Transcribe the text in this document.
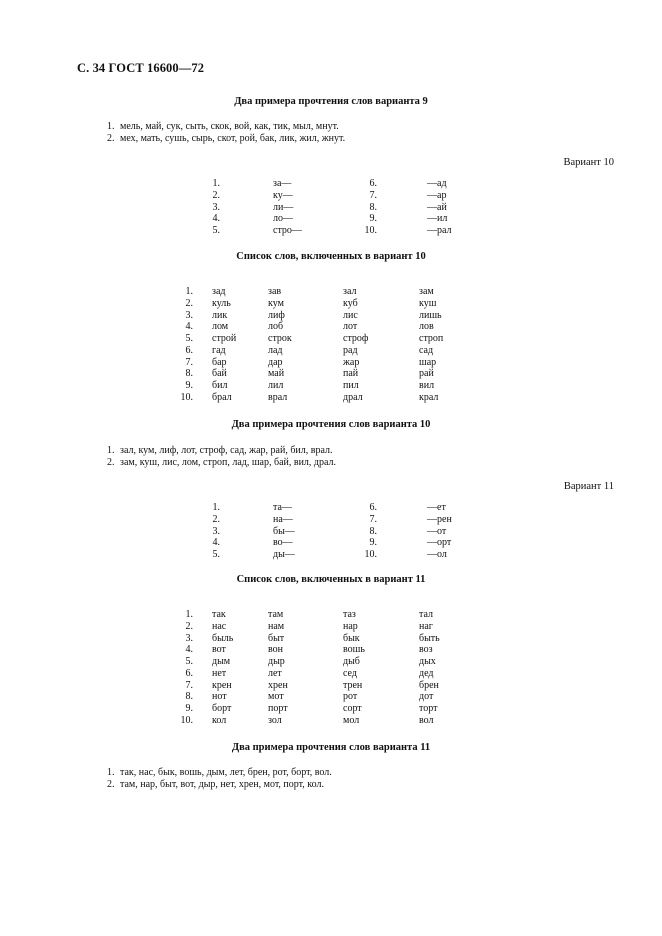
С. 34 ГОСТ 16600—72
Два примера прочтения слов варианта 9
1. мель, май, сук, сыть, скок, вой, как, тик, мыл, мнут.
2. мех, мать, сушь, сырь, скот, рой, бак, лик, жил, жнут.
Вариант 10
1.	за—	6.	—ад
2.	ку—	7.	—ар
3.	ли—	8.	—ай
4.	ло—	9.	—ил
5.	стро—	10.	—рал
Список слов, включенных в вариант 10
1.	зад	зав	зал	зам
2.	куль	кум	куб	куш
3.	лик	лиф	лис	лишь
4.	лом	лоб	лот	лов
5.	строй	строк	строф	строп
6.	гад	лад	рад	сад
7.	бар	дар	жар	шар
8.	бай	май	пай	рай
9.	бил	лил	пил	вил
10.	брал	врал	драл	крал
Два примера прочтения слов варианта 10
1. зал, кум, лиф, лот, строф, сад, жар, рай, бил, врал.
2. зам, куш, лис, лом, строп, лад, шар, бай, вил, драл.
Вариант 11
1.	та—	6.	—ет
2.	на—	7.	—рен
3.	бы—	8.	—от
4.	во—	9.	—орт
5.	ды—	10.	—ол
Список слов, включенных в вариант 11
1.	так	там	таз	тал
2.	нас	нам	нар	наг
3.	быль	быт	бык	быть
4.	вот	вон	вошь	воз
5.	дым	дыр	дыб	дых
6.	нет	лет	сед	дед
7.	крен	хрен	трен	брен
8.	нот	мот	рот	дот
9.	борт	порт	сорт	торт
10.	кол	зол	мол	вол
Два примера прочтения слов варианта 11
1. так, нас, бык, вошь, дым, лет, брен, рот, борт, вол.
2. там, нар, быт, вот, дыр, нет, хрен, мот, порт, кол.
